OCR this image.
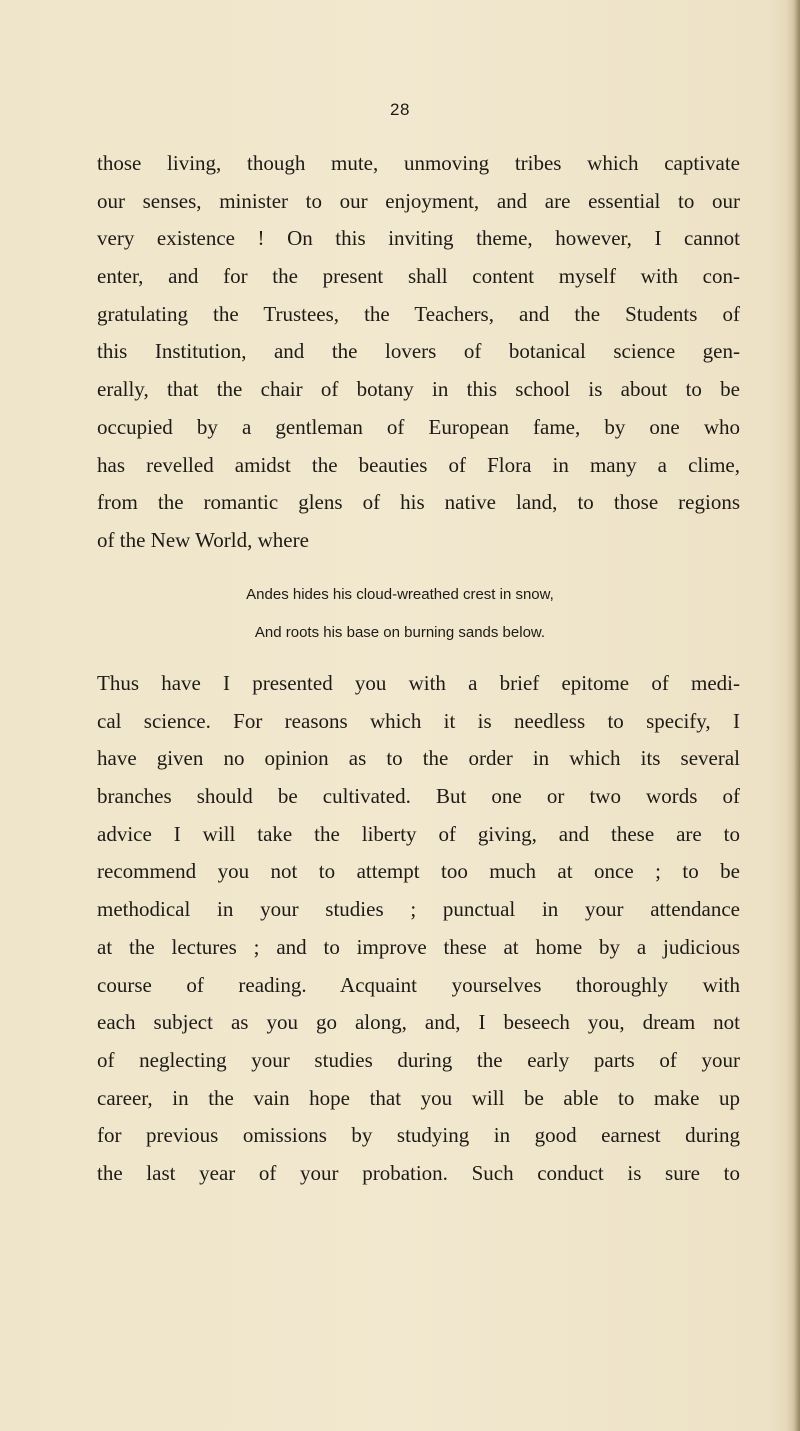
28
those living, though mute, unmoving tribes which captivate
our senses, minister to our enjoyment, and are essential to our
very existence ! On this inviting theme, however, I cannot
enter, and for the present shall content myself with con-
gratulating the Trustees, the Teachers, and the Students of
this Institution, and the lovers of botanical science gen-
erally, that the chair of botany in this school is about to be
occupied by a gentleman of European fame, by one who
has revelled amidst the beauties of Flora in many a clime,
from the romantic glens of his native land, to those regions
of the New World, where
Andes hides his cloud-wreathed crest in snow,
And roots his base on burning sands below.
Thus have I presented you with a brief epitome of medi-
cal science. For reasons which it is needless to specify, I
have given no opinion as to the order in which its several
branches should be cultivated. But one or two words of
advice I will take the liberty of giving, and these are to
recommend you not to attempt too much at once ; to be
methodical in your studies ; punctual in your attendance
at the lectures ; and to improve these at home by a judicious
course of reading. Acquaint yourselves thoroughly with
each subject as you go along, and, I beseech you, dream not
of neglecting your studies during the early parts of your
career, in the vain hope that you will be able to make up
for previous omissions by studying in good earnest during
the last year of your probation. Such conduct is sure to
